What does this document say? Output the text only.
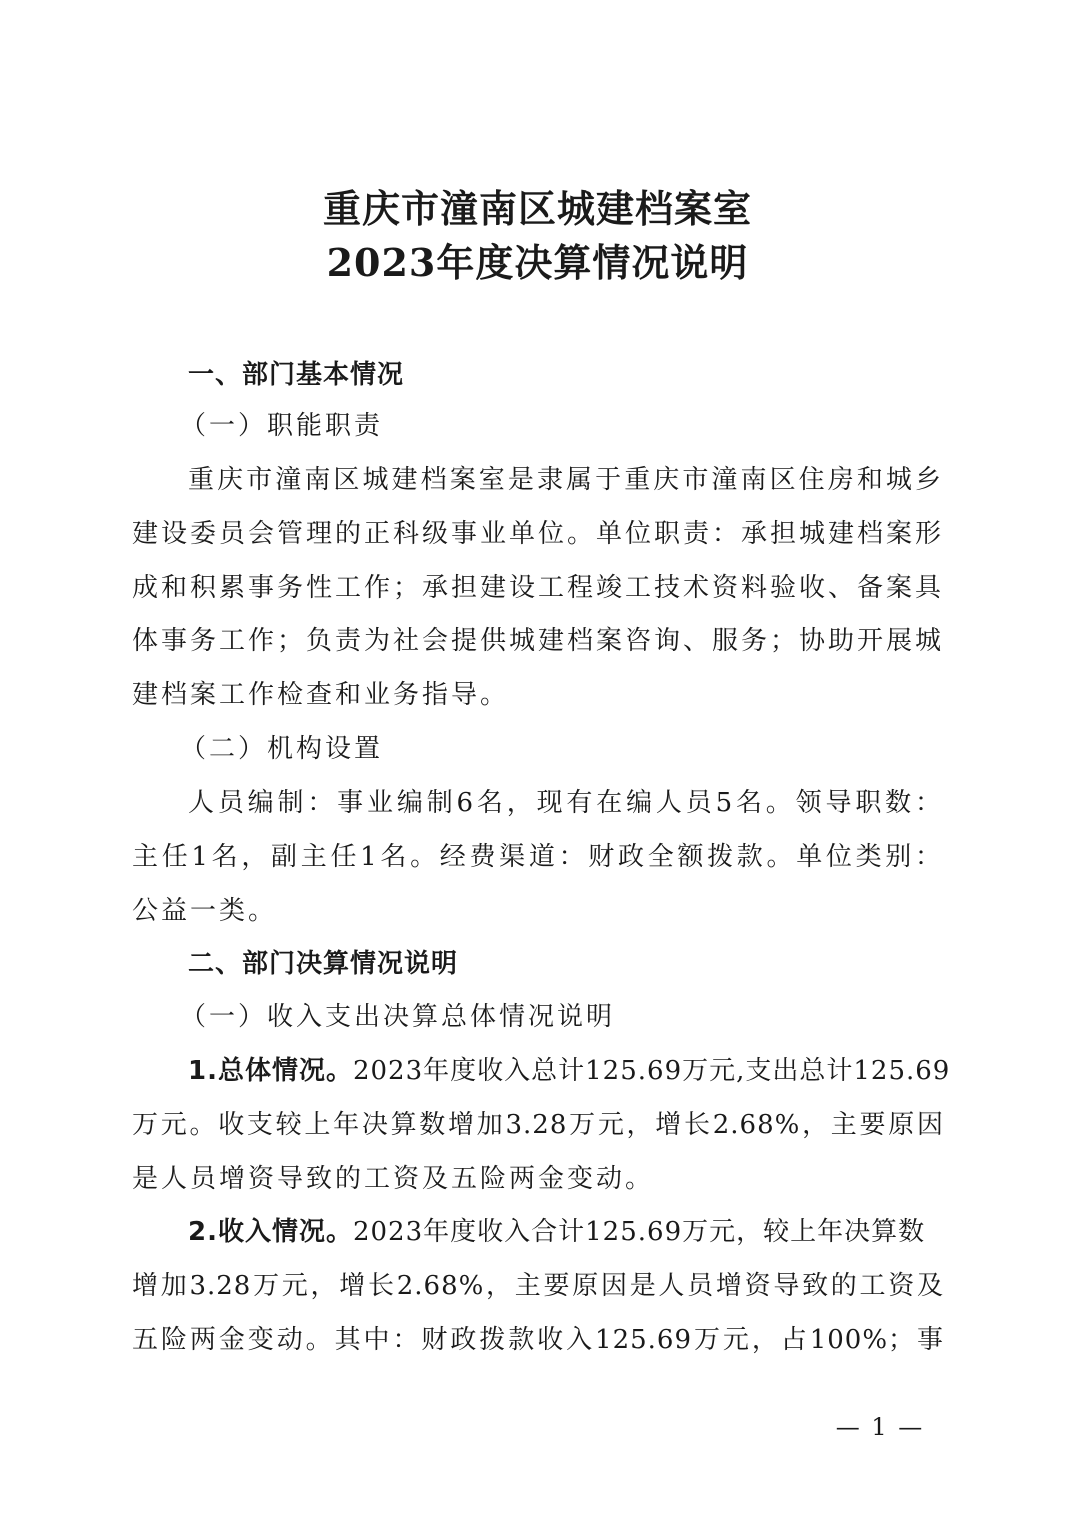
重庆市潼南区城建档案室
2023年度决算情况说明
一、部门基本情况
（一）职能职责
重庆市潼南区城建档案室是隶属于重庆市潼南区住房和城乡
建设委员会管理的正科级事业单位。单位职责：承担城建档案形
成和积累事务性工作；承担建设工程竣工技术资料验收、备案具
体事务工作；负责为社会提供城建档案咨询、服务；协助开展城
建档案工作检查和业务指导。
（二）机构设置
人员编制：事业编制6名，现有在编人员5名。领导职数：
主任1名，副主任1名。经费渠道：财政全额拨款。单位类别：
公益一类。
二、部门决算情况说明
（一）收入支出决算总体情况说明
1.总体情况。2023年度收入总计125.69万元,支出总计125.69
万元。收支较上年决算数增加3.28万元，增长2.68%，主要原因
是人员增资导致的工资及五险两金变动。
2.收入情况。2023年度收入合计125.69万元，较上年决算数
增加3.28万元，增长2.68%，主要原因是人员增资导致的工资及
五险两金变动。其中：财政拨款收入125.69万元，占100%；事
— 1 —
